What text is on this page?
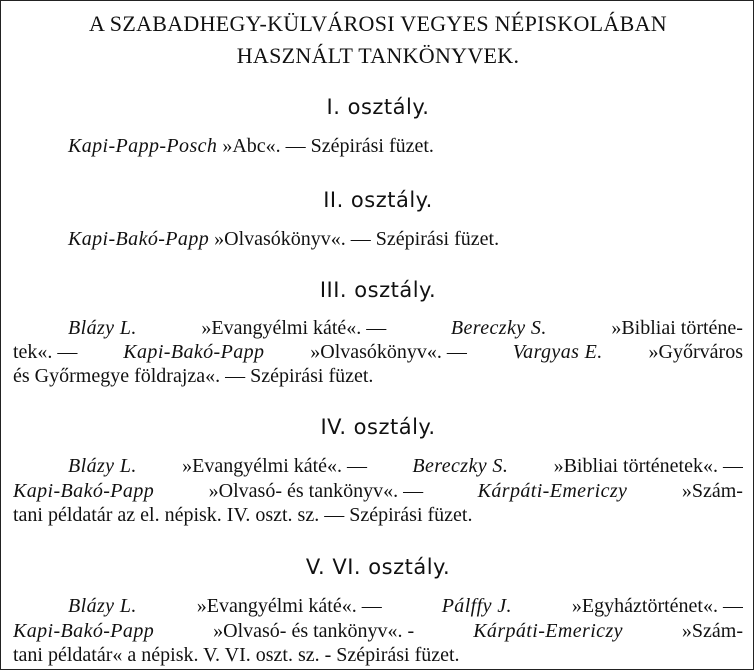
A SZABADHEGY-KÜLVÁROSI VEGYES NÉPISKOLÁBAN
HASZNÁLT TANKÖNYVEK.
I. osztály.
Kapi-Papp-Posch »Abc«. — Szépirási füzet.
II. osztály.
Kapi-Bakó-Papp »Olvasókönyv«. — Szépirási füzet.
III. osztály.
Blázy L.	»Evangyélmi káté«. —	Bereczky S.	»Bibliai történe-
tek«. — Kapi-Bakó-Papp »Olvasókönyv«. — Vargyas E. »Győrváros
és Győrmegye földrajza«. — Szépirási füzet.
IV. osztály.
Blázy L. »Evangyélmi káté«. — Bereczky S. »Bibliai történetek«. —
Kapi-Bakó-Papp »Olvasó- és tankönyv«. — Kárpáti-Emericzy »Szám-
tani példatár az el. népisk. IV. oszt. sz. — Szépirási füzet.
V. VI. osztály.
Blázy L.	»Evangyélmi káté«. —	Pálffy J.	»Egyháztörténet«. —
Kapi-Bakó-Papp	»Olvasó- és tankönyv«. -	Kárpáti-Emericzy	»Szám-
tani példatár« a népisk. V. VI. oszt. sz. - Szépirási füzet.
